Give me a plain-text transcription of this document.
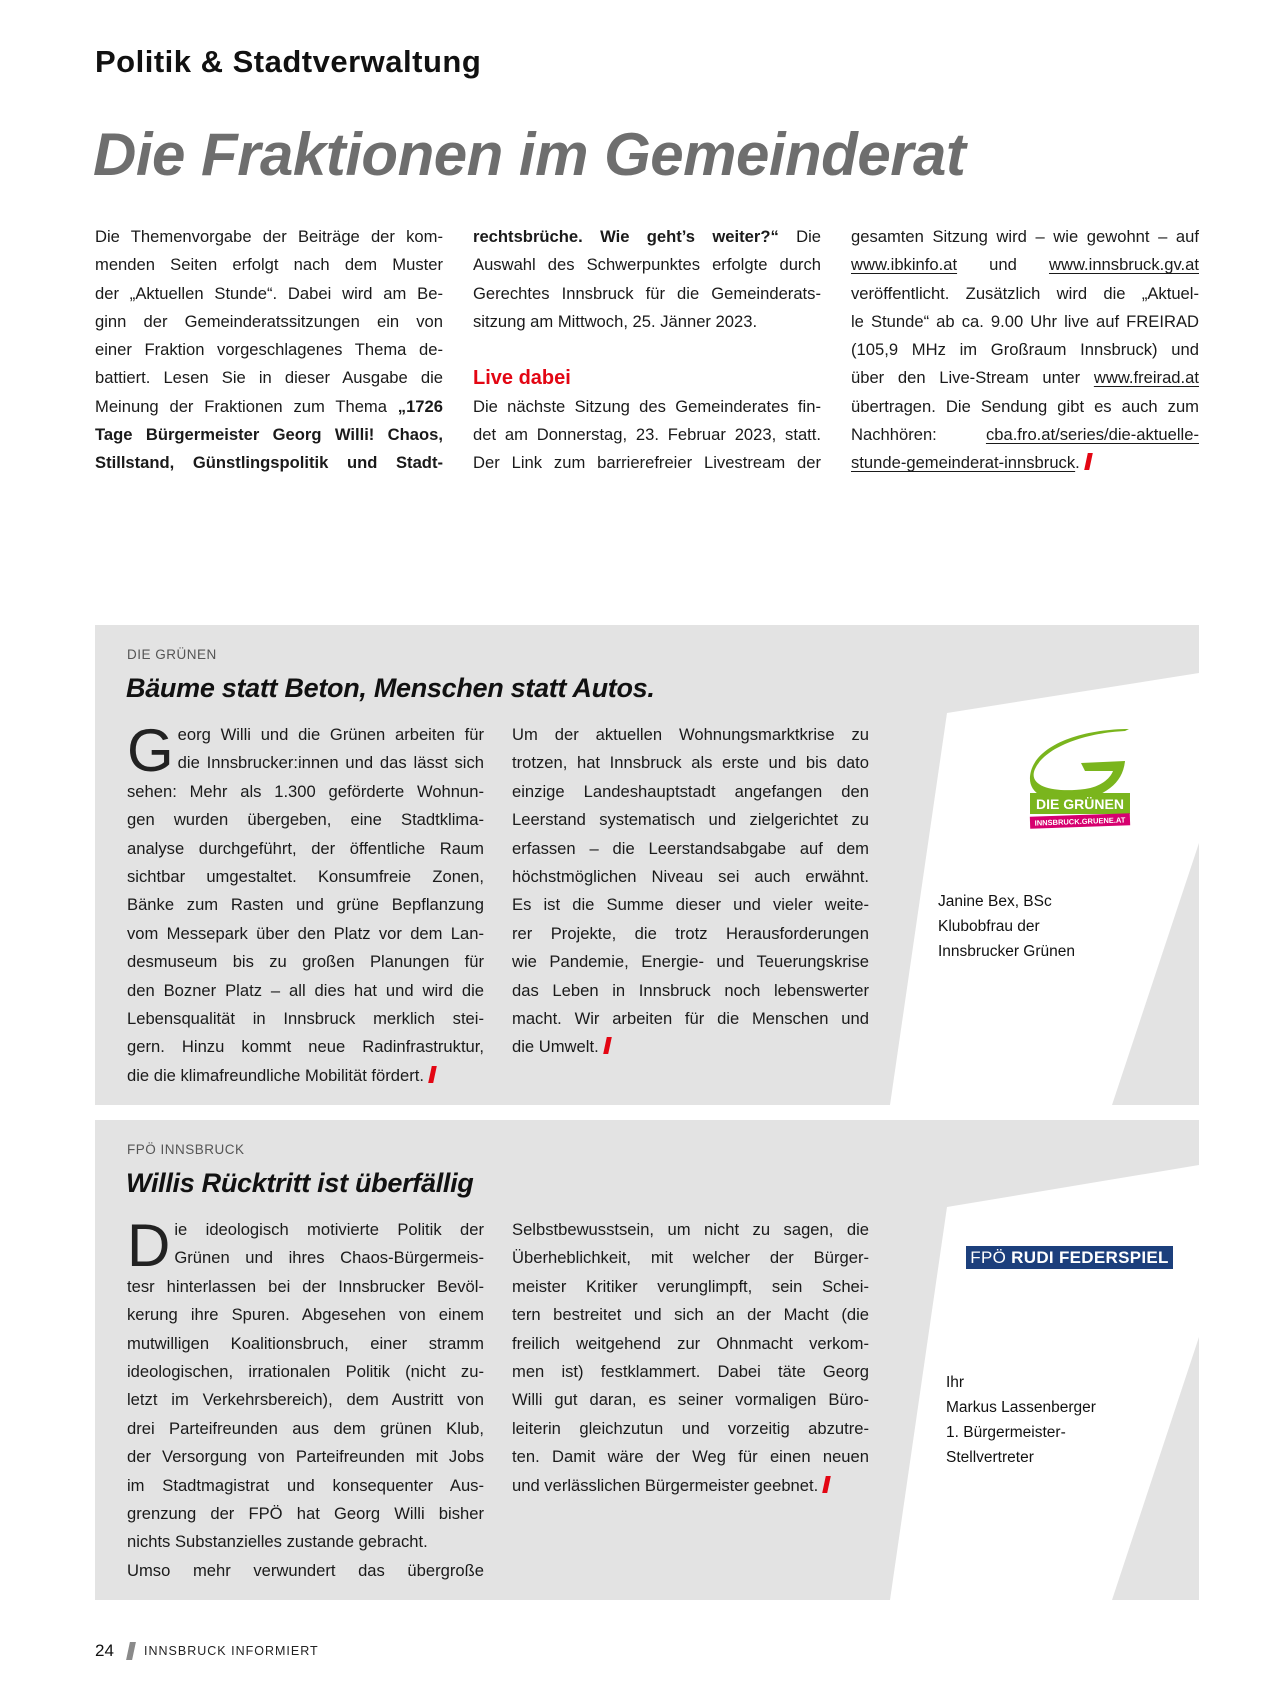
Politik & Stadtverwaltung
Die Fraktionen im Gemeinderat
Die Themenvorgabe der Beiträge der kom-
menden Seiten erfolgt nach dem Muster
der „Aktuellen Stunde“. Dabei wird am Be-
ginn der Gemeinderatssitzungen ein von
einer Fraktion vorgeschlagenes Thema de-
battiert. Lesen Sie in dieser Ausgabe die
Meinung der Fraktionen zum Thema „1726
Tage Bürgermeister Georg Willi! Chaos,
Stillstand, Günstlingspolitik und Stadt-
rechtsbrüche. Wie geht’s weiter?“ Die
Auswahl des Schwerpunktes erfolgte durch
Gerechtes Innsbruck für die Gemeinderats-
sitzung am Mittwoch, 25. Jänner 2023.
Live dabei
Die nächste Sitzung des Gemeinderates fin-
det am Donnerstag, 23. Februar 2023, statt.
Der Link zum barrierefreier Livestream der
gesamten Sitzung wird – wie gewohnt – auf
www.ibkinfo.at und www.innsbruck.gv.at
veröffentlicht. Zusätzlich wird die „Aktuel-
le Stunde“ ab ca. 9.00 Uhr live auf FREIRAD
(105,9 MHz im Großraum Innsbruck) und
über den Live-Stream unter www.freirad.at
übertragen. Die Sendung gibt es auch zum
Nachhören: cba.fro.at/series/die-aktuelle-
stunde-gemeinderat-innsbruck.
DIE GRÜNEN
Bäume statt Beton, Menschen statt Autos.
G eorg Willi und die Grünen arbeiten für
die Innsbrucker:innen und das lässt sich
sehen: Mehr als 1.300 geförderte Wohnun-
gen wurden übergeben, eine Stadtklima-
analyse durchgeführt, der öffentliche Raum
sichtbar umgestaltet. Konsumfreie Zonen,
Bänke zum Rasten und grüne Bepflanzung
vom Messepark über den Platz vor dem Lan-
desmuseum bis zu großen Planungen für
den Bozner Platz – all dies hat und wird die
Lebensqualität in Innsbruck merklich stei-
gern. Hinzu kommt neue Radinfrastruktur,
die die klimafreundliche Mobilität fördert.
Um der aktuellen Wohnungsmarktkrise zu
trotzen, hat Innsbruck als erste und bis dato
einzige Landeshauptstadt angefangen den
Leerstand systematisch und zielgerichtet zu
erfassen – die Leerstandsabgabe auf dem
höchstmöglichen Niveau sei auch erwähnt.
Es ist die Summe dieser und vieler weite-
rer Projekte, die trotz Herausforderungen
wie Pandemie, Energie- und Teuerungskrise
das Leben in Innsbruck noch lebenswerter
macht. Wir arbeiten für die Menschen und
die Umwelt.
DIE GRÜNEN
INNSBRUCK.GRUENE.AT
Janine Bex, BSc
Klubobfrau der
Innsbrucker Grünen
FPÖ INNSBRUCK
Willis Rücktritt ist überfällig
D ie ideologisch motivierte Politik der
Grünen und ihres Chaos-Bürgermeis-
tesr hinterlassen bei der Innsbrucker Bevöl-
kerung ihre Spuren. Abgesehen von einem
mutwilligen Koalitionsbruch, einer stramm
ideologischen, irrationalen Politik (nicht zu-
letzt im Verkehrsbereich), dem Austritt von
drei Parteifreunden aus dem grünen Klub,
der Versorgung von Parteifreunden mit Jobs
im Stadtmagistrat und konsequenter Aus-
grenzung der FPÖ hat Georg Willi bisher
nichts Substanzielles zustande gebracht.
Umso mehr verwundert das übergroße
Selbstbewusstsein, um nicht zu sagen, die
Überheblichkeit, mit welcher der Bürger-
meister Kritiker verunglimpft, sein Schei-
tern bestreitet und sich an der Macht (die
freilich weitgehend zur Ohnmacht verkom-
men ist) festklammert. Dabei täte Georg
Willi gut daran, es seiner vormaligen Büro-
leiterin gleichzutun und vorzeitig abzutre-
ten. Damit wäre der Weg für einen neuen
und verlässlichen Bürgermeister geebnet.
FPÖ RUDI FEDERSPIEL
Ihr
Markus Lassenberger
1. Bürgermeister-
Stellvertreter
24 INNSBRUCK INFORMIERT
